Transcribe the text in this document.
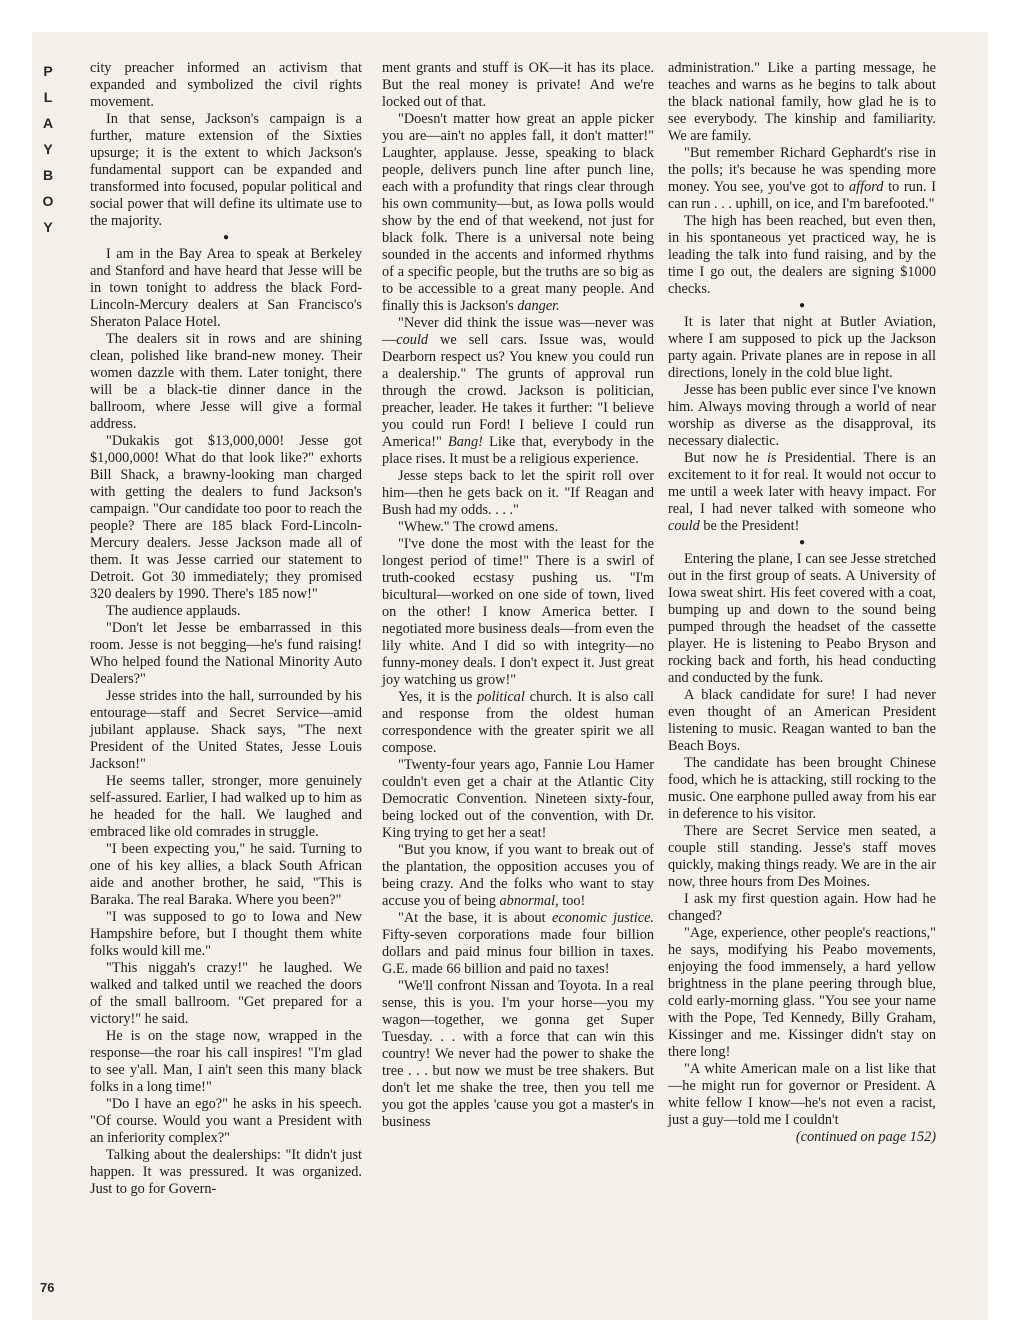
P
L
A
Y
B
O
Y
76

city preacher informed an activism that expanded and symbolized the civil rights movement.

In that sense, Jackson's campaign is a further, mature extension of the Sixties upsurge; it is the extent to which Jackson's fundamental support can be expanded and transformed into focused, popular political and social power that will define its ultimate use to the majority.

●

I am in the Bay Area to speak at Berkeley and Stanford and have heard that Jesse will be in town tonight to address the black Ford-Lincoln-Mercury dealers at San Francisco's Sheraton Palace Hotel.

The dealers sit in rows and are shining clean, polished like brand-new money. Their women dazzle with them. Later tonight, there will be a black-tie dinner dance in the ballroom, where Jesse will give a formal address.

"Dukakis got $13,000,000! Jesse got $1,000,000! What do that look like?" exhorts Bill Shack, a brawny-looking man charged with getting the dealers to fund Jackson's campaign. "Our candidate too poor to reach the people? There are 185 black Ford-Lincoln-Mercury dealers. Jesse Jackson made all of them. It was Jesse carried our statement to Detroit. Got 30 immediately; they promised 320 dealers by 1990. There's 185 now!"

The audience applauds.

"Don't let Jesse be embarrassed in this room. Jesse is not begging—he's fund raising! Who helped found the National Minority Auto Dealers?"

Jesse strides into the hall, surrounded by his entourage—staff and Secret Service—amid jubilant applause. Shack says, "The next President of the United States, Jesse Louis Jackson!"

He seems taller, stronger, more genuinely self-assured. Earlier, I had walked up to him as he headed for the hall. We laughed and embraced like old comrades in struggle.

"I been expecting you," he said. Turning to one of his key allies, a black South African aide and another brother, he said, "This is Baraka. The real Baraka. Where you been?"

"I was supposed to go to Iowa and New Hampshire before, but I thought them white folks would kill me."

"This niggah's crazy!" he laughed. We walked and talked until we reached the doors of the small ballroom. "Get prepared for a victory!" he said.

He is on the stage now, wrapped in the response—the roar his call inspires! "I'm glad to see y'all. Man, I ain't seen this many black folks in a long time!"

"Do I have an ego?" he asks in his speech. "Of course. Would you want a President with an inferiority complex?"

Talking about the dealerships: "It didn't just happen. It was pressured. It was organized. Just to go for Govern-

ment grants and stuff is OK—it has its place. But the real money is private! And we're locked out of that.

"Doesn't matter how great an apple picker you are—ain't no apples fall, it don't matter!" Laughter, applause. Jesse, speaking to black people, delivers punch line after punch line, each with a profundity that rings clear through his own community—but, as Iowa polls would show by the end of that weekend, not just for black folk. There is a universal note being sounded in the accents and informed rhythms of a specific people, but the truths are so big as to be accessible to a great many people. And finally this is Jackson's danger.

"Never did think the issue was—never was—could we sell cars. Issue was, would Dearborn respect us? You knew you could run a dealership." The grunts of approval run through the crowd. Jackson is politician, preacher, leader. He takes it further: "I believe you could run Ford! I believe I could run America!" Bang! Like that, everybody in the place rises. It must be a religious experience.

Jesse steps back to let the spirit roll over him—then he gets back on it. "If Reagan and Bush had my odds. . . ."

"Whew." The crowd amens.

"I've done the most with the least for the longest period of time!" There is a swirl of truth-cooked ecstasy pushing us. "I'm bicultural—worked on one side of town, lived on the other! I know America better. I negotiated more business deals—from even the lily white. And I did so with integrity—no funny-money deals. I don't expect it. Just great joy watching us grow!"

Yes, it is the political church. It is also call and response from the oldest human correspondence with the greater spirit we all compose.

"Twenty-four years ago, Fannie Lou Hamer couldn't even get a chair at the Atlantic City Democratic Convention. Nineteen sixty-four, being locked out of the convention, with Dr. King trying to get her a seat!

"But you know, if you want to break out of the plantation, the opposition accuses you of being crazy. And the folks who want to stay accuse you of being abnormal, too!

"At the base, it is about economic justice. Fifty-seven corporations made four billion dollars and paid minus four billion in taxes. G.E. made 66 billion and paid no taxes!

"We'll confront Nissan and Toyota. In a real sense, this is you. I'm your horse—you my wagon—together, we gonna get Super Tuesday. . . with a force that can win this country! We never had the power to shake the tree . . . but now we must be tree shakers. But don't let me shake the tree, then you tell me you got the apples 'cause you got a master's in business

administration." Like a parting message, he teaches and warns as he begins to talk about the black national family, how glad he is to see everybody. The kinship and familiarity. We are family.

"But remember Richard Gephardt's rise in the polls; it's because he was spending more money. You see, you've got to afford to run. I can run . . . uphill, on ice, and I'm barefooted."

The high has been reached, but even then, in his spontaneous yet practiced way, he is leading the talk into fund raising, and by the time I go out, the dealers are signing $1000 checks.

●

It is later that night at Butler Aviation, where I am supposed to pick up the Jackson party again. Private planes are in repose in all directions, lonely in the cold blue light.

Jesse has been public ever since I've known him. Always moving through a world of near worship as diverse as the disapproval, its necessary dialectic.

But now he is Presidential. There is an excitement to it for real. It would not occur to me until a week later with heavy impact. For real, I had never talked with someone who could be the President!

●

Entering the plane, I can see Jesse stretched out in the first group of seats. A University of Iowa sweat shirt. His feet covered with a coat, bumping up and down to the sound being pumped through the headset of the cassette player. He is listening to Peabo Bryson and rocking back and forth, his head conducting and conducted by the funk.

A black candidate for sure! I had never even thought of an American President listening to music. Reagan wanted to ban the Beach Boys.

The candidate has been brought Chinese food, which he is attacking, still rocking to the music. One earphone pulled away from his ear in deference to his visitor.

There are Secret Service men seated, a couple still standing. Jesse's staff moves quickly, making things ready. We are in the air now, three hours from Des Moines.

I ask my first question again. How had he changed?

"Age, experience, other people's reactions," he says, modifying his Peabo movements, enjoying the food immensely, a hard yellow brightness in the plane peering through blue, cold early-morning glass. "You see your name with the Pope, Ted Kennedy, Billy Graham, Kissinger and me. Kissinger didn't stay on there long!

"A white American male on a list like that—he might run for governor or President. A white fellow I know—he's not even a racist, just a guy—told me I couldn't

(continued on page 152)
